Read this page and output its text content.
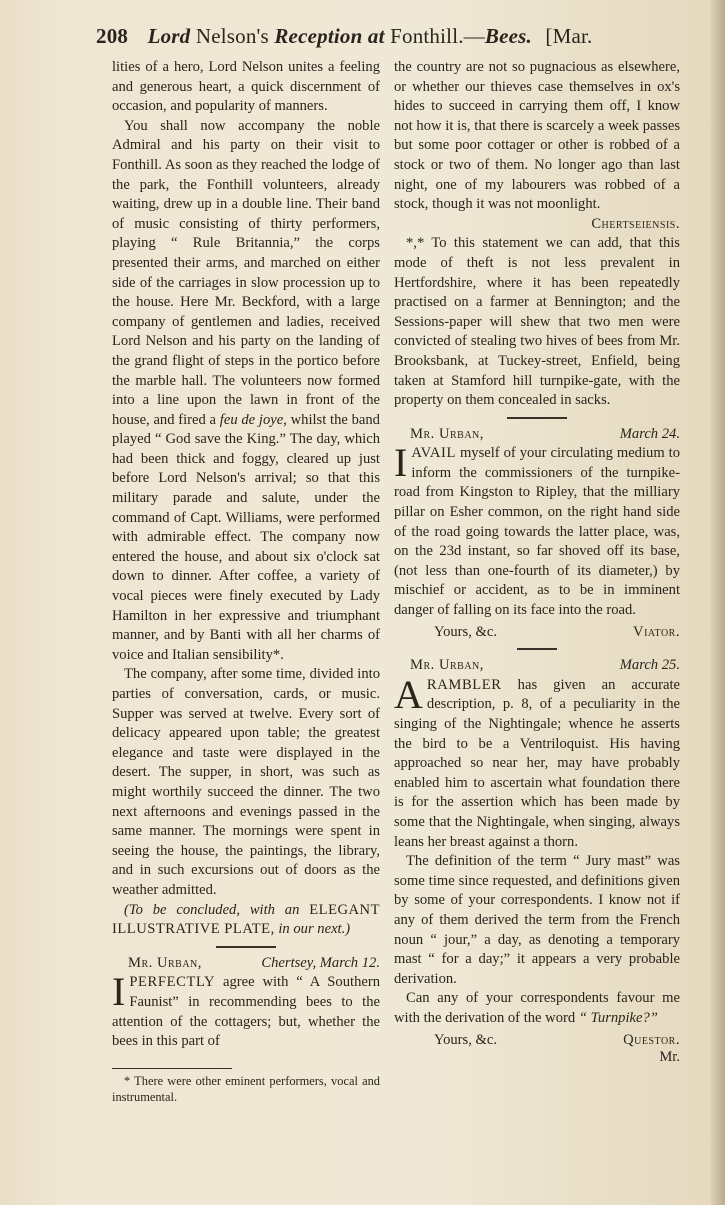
208 Lord Nelson's Reception at Fonthill.—Bees. [Mar.

lities of a hero, Lord Nelson unites a feeling and generous heart, a quick discernment of occasion, and popularity of manners.

You shall now accompany the noble Admiral and his party on their visit to Fonthill. As soon as they reached the lodge of the park, the Fonthill volunteers, already waiting, drew up in a double line. Their band of music consisting of thirty performers, playing “ Rule Britannia,” the corps presented their arms, and marched on either side of the carriages in slow procession up to the house. Here Mr. Beckford, with a large company of gentlemen and ladies, received Lord Nelson and his party on the landing of the grand flight of steps in the portico before the marble hall. The volunteers now formed into a line upon the lawn in front of the house, and fired a feu de joye, whilst the band played “ God save the King.” The day, which had been thick and foggy, cleared up just before Lord Nelson's arrival; so that this military parade and salute, under the command of Capt. Williams, were performed with admirable effect. The company now entered the house, and about six o'clock sat down to dinner. After coffee, a variety of vocal pieces were finely executed by Lady Hamilton in her expressive and triumphant manner, and by Banti with all her charms of voice and Italian sensibility*.

The company, after some time, divided into parties of conversation, cards, or music. Supper was served at twelve. Every sort of delicacy appeared upon table; the greatest elegance and taste were displayed in the desert. The supper, in short, was such as might worthily succeed the dinner. The two next afternoons and evenings passed in the same manner. The mornings were spent in seeing the house, the paintings, the library, and in such excursions out of doors as the weather admitted.

(To be concluded, with an ELEGANT ILLUSTRATIVE PLATE, in our next.)

Mr. Urban,	Chertsey, March 12.

IPERFECTLY agree with “ A Southern Faunist” in recommending bees to the attention of the cottagers; but, whether the bees in this part of

* There were other eminent performers, vocal and instrumental.

the country are not so pugnacious as elsewhere, or whether our thieves case themselves in ox's hides to succeed in carrying them off, I know not how it is, that there is scarcely a week passes but some poor cottager or other is robbed of a stock or two of them. No longer ago than last night, one of my labourers was robbed of a stock, though it was not moonlight.

Chertseiensis.

*,* To this statement we can add, that this mode of theft is not less prevalent in Hertfordshire, where it has been repeatedly practised on a farmer at Bennington; and the Sessions-paper will shew that two men were convicted of stealing two hives of bees from Mr. Brooksbank, at Tuckey-street, Enfield, being taken at Stamford hill turnpike-gate, with the property on them concealed in sacks.

Mr. Urban,	March 24.

IAVAIL myself of your circulating medium to inform the commissioners of the turnpike-road from Kingston to Ripley, that the milliary pillar on Esher common, on the right hand side of the road going towards the latter place, was, on the 23d instant, so far shoved off its base, (not less than one-fourth of its diameter,) by mischief or accident, as to be in imminent danger of falling on its face into the road.

Yours, &c.	Viator.
Mr. Urban,	March 25.

ARAMBLER has given an accurate description, p. 8, of a peculiarity in the singing of the Nightingale; whence he asserts the bird to be a Ventriloquist. His having approached so near her, may have probably enabled him to ascertain what foundation there is for the assertion which has been made by some that the Nightingale, when singing, always leans her breast against a thorn.

The definition of the term “ Jury mast” was some time since requested, and definitions given by some of your correspondents. I know not if any of them derived the term from the French noun “ jour,” a day, as denoting a temporary mast “ for a day;” it appears a very probable derivation.

Can any of your correspondents favour me with the derivation of the word “ Turnpike?”

Yours, &c.	Questor.
Mr.
